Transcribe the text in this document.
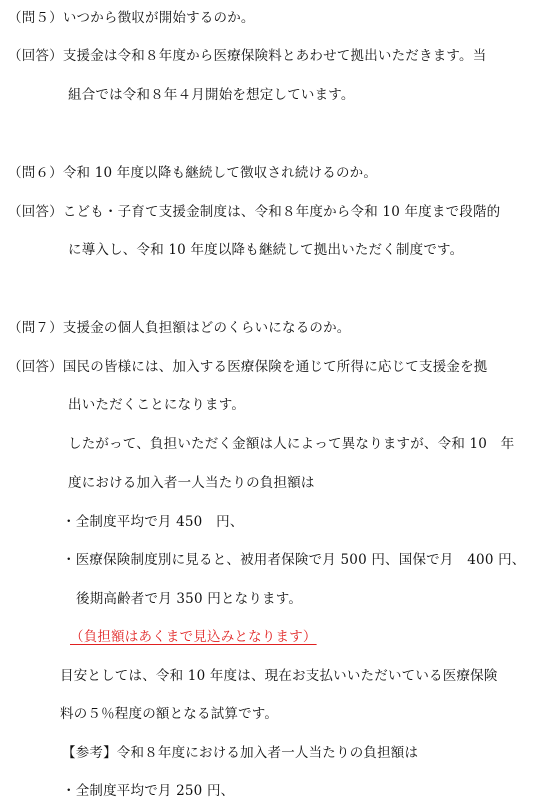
（問５）いつから徴収が開始するのか。
（回答）支援金は令和８年度から医療保険料とあわせて拠出いただきます。当
組合では令和８年４月開始を想定しています。
（問６）令和 10 年度以降も継続して徴収され続けるのか。
（回答）こども・子育て支援金制度は、令和８年度から令和 10 年度まで段階的
に導入し、令和 10 年度以降も継続して拠出いただく制度です。
（問７）支援金の個人負担額はどのくらいになるのか。
（回答）国民の皆様には、加入する医療保険を通じて所得に応じて支援金を拠
出いただくことになります。
したがって、負担いただく金額は人によって異なりますが、令和 10　年
度における加入者一人当たりの負担額は
・全制度平均で月 450　円、
・医療保険制度別に見ると、被用者保険で月 500 円、国保で月　400 円、
後期高齢者で月 350 円となります。
（負担額はあくまで見込みとなります）
目安としては、令和 10 年度は、現在お支払いいただいている医療保険
料の５％程度の額となる試算です。
【参考】令和８年度における加入者一人当たりの負担額は
・全制度平均で月 250 円、
